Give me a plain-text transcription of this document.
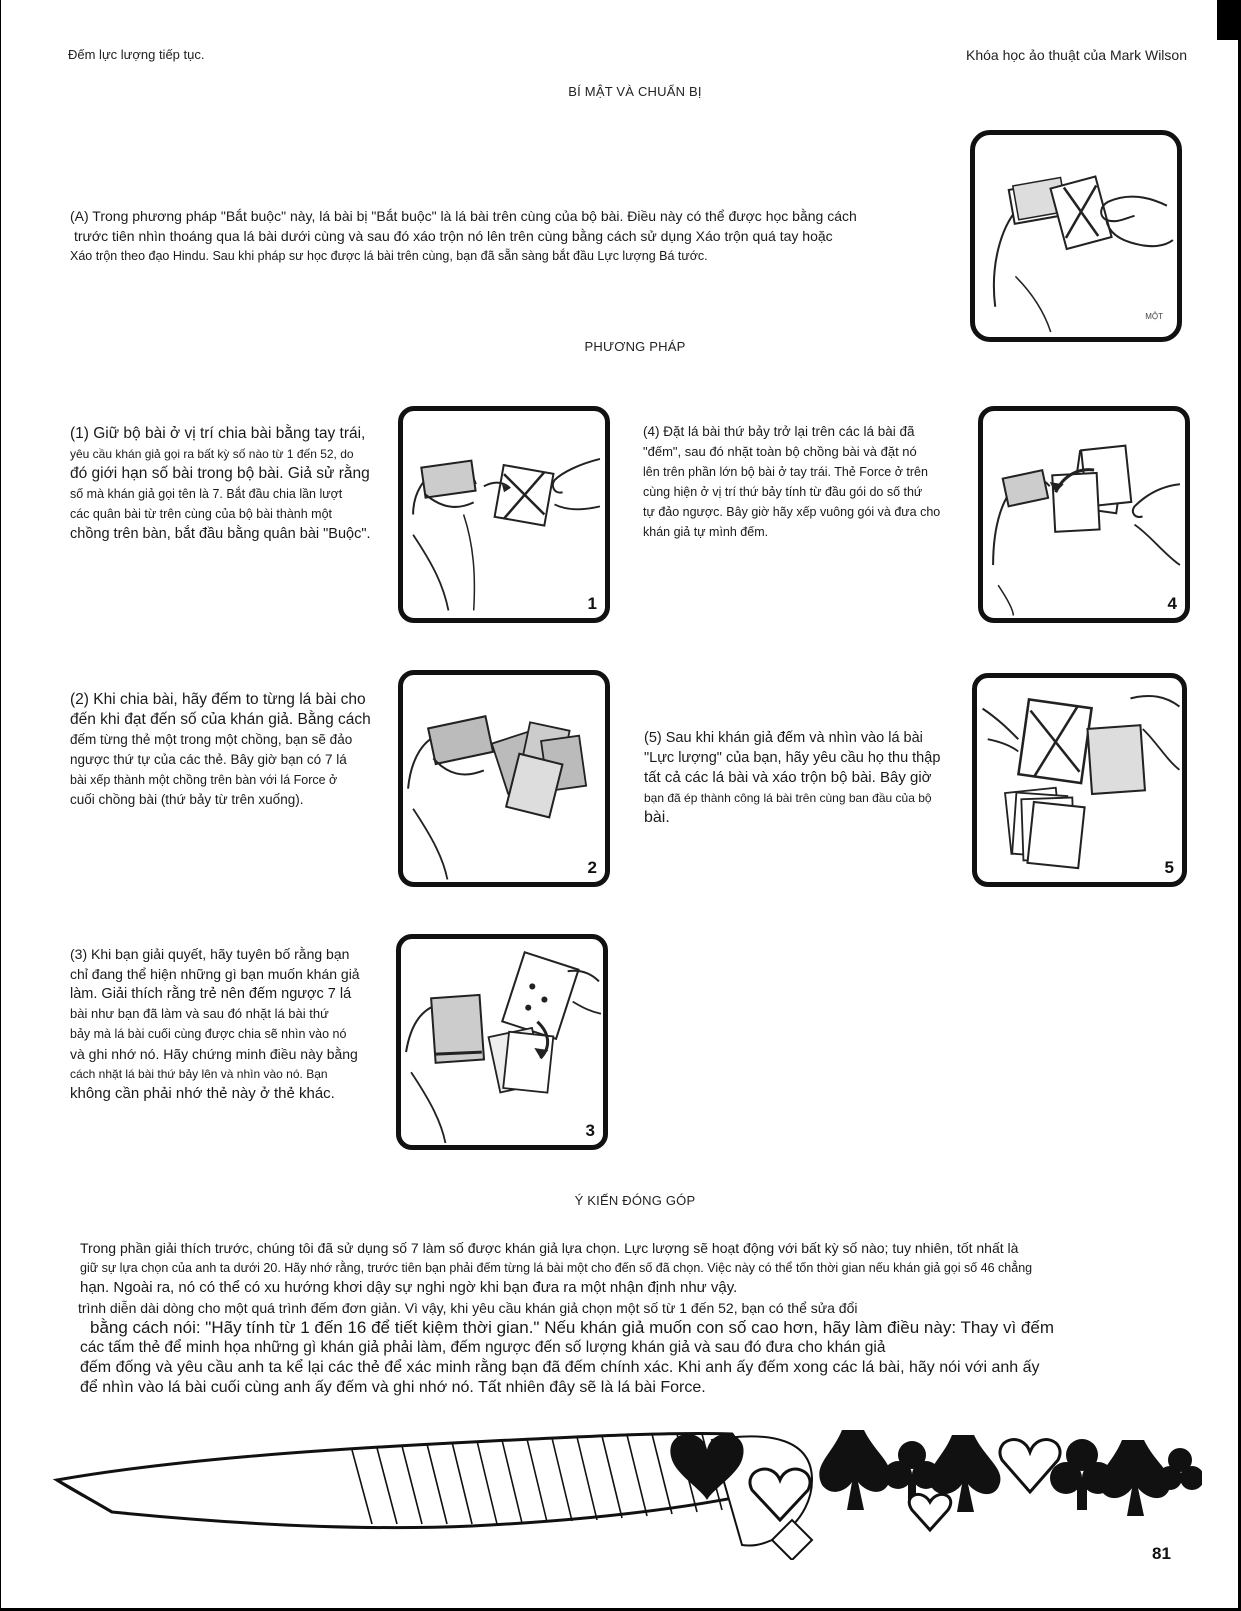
Đếm lực lượng tiếp tục.	Khóa học ảo thuật của Mark Wilson
BÍ MẬT VÀ CHUẨN BỊ
(A) Trong phương pháp "Bắt buộc" này, lá bài bị "Bắt buộc" là lá bài trên cùng của bộ bài. Điều này có thể được học bằng cách
trước tiên nhìn thoáng qua lá bài dưới cùng và sau đó xáo trộn nó lên trên cùng bằng cách sử dụng Xáo trộn quá tay hoặc
Xáo trộn theo đạo Hindu. Sau khi pháp sư học được lá bài trên cùng, bạn đã sẵn sàng bắt đầu Lực lượng Bá tước.
MỘT
PHƯƠNG PHÁP
(1) Giữ bộ bài ở vị trí chia bài bằng tay trái,
yêu cầu khán giả gọi ra bất kỳ số nào từ 1 đến 52, do
đó giới hạn số bài trong bộ bài. Giả sử rằng
số mà khán giả gọi tên là 7. Bắt đầu chia lần lượt
các quân bài từ trên cùng của bộ bài thành một
chồng trên bàn, bắt đầu bằng quân bài "Buộc".
1
(4) Đặt lá bài thứ bảy trở lại trên các lá bài đã
"đếm", sau đó nhặt toàn bộ chồng bài và đặt nó
lên trên phần lớn bộ bài ở tay trái. Thẻ Force ở trên
cùng hiện ở vị trí thứ bảy tính từ đầu gói do số thứ
tự đảo ngược. Bây giờ hãy xếp vuông gói và đưa cho
khán giả tự mình đếm.
4
(2) Khi chia bài, hãy đếm to từng lá bài cho
đến khi đạt đến số của khán giả. Bằng cách
đếm từng thẻ một trong một chồng, bạn sẽ đảo
ngược thứ tự của các thẻ. Bây giờ bạn có 7 lá
bài xếp thành một chồng trên bàn với lá Force ở
cuối chồng bài (thứ bảy từ trên xuống).
2
(5) Sau khi khán giả đếm và nhìn vào lá bài
"Lực lượng" của bạn, hãy yêu cầu họ thu thập
tất cả các lá bài và xáo trộn bộ bài. Bây giờ
bạn đã ép thành công lá bài trên cùng ban đầu của bộ
bài.
5
(3) Khi bạn giải quyết, hãy tuyên bố rằng bạn
chỉ đang thể hiện những gì bạn muốn khán giả
làm. Giải thích rằng trẻ nên đếm ngược 7 lá
bài như bạn đã làm và sau đó nhặt lá bài thứ
bảy mà lá bài cuối cùng được chia sẽ nhìn vào nó
và ghi nhớ nó. Hãy chứng minh điều này bằng
cách nhặt lá bài thứ bảy lên và nhìn vào nó. Bạn
không cần phải nhớ thẻ này ở thẻ khác.
3
Ý KIẾN ĐÓNG GÓP
Trong phần giải thích trước, chúng tôi đã sử dụng số 7 làm số được khán giả lựa chọn. Lực lượng sẽ hoạt động với bất kỳ số nào; tuy nhiên, tốt nhất là
giữ sự lựa chọn của anh ta dưới 20. Hãy nhớ rằng, trước tiên bạn phải đếm từng lá bài một cho đến số đã chọn. Việc này có thể tốn thời gian nếu khán giả gọi số 46 chẳng
hạn. Ngoài ra, nó có thể có xu hướng khơi dậy sự nghi ngờ khi bạn đưa ra một nhận định như vậy.
trình diễn dài dòng cho một quá trình đếm đơn giản. Vì vậy, khi yêu cầu khán giả chọn một số từ 1 đến 52, bạn có thể sửa đổi
bằng cách nói: "Hãy tính từ 1 đến 16 để tiết kiệm thời gian." Nếu khán giả muốn con số cao hơn, hãy làm điều này: Thay vì đếm
các tấm thẻ để minh họa những gì khán giả phải làm, đếm ngược đến số lượng khán giả và sau đó đưa cho khán giả
đếm đống và yêu cầu anh ta kể lại các thẻ để xác minh rằng bạn đã đếm chính xác. Khi anh ấy đếm xong các lá bài, hãy nói với anh ấy
để nhìn vào lá bài cuối cùng anh ấy đếm và ghi nhớ nó. Tất nhiên đây sẽ là lá bài Force.
81
